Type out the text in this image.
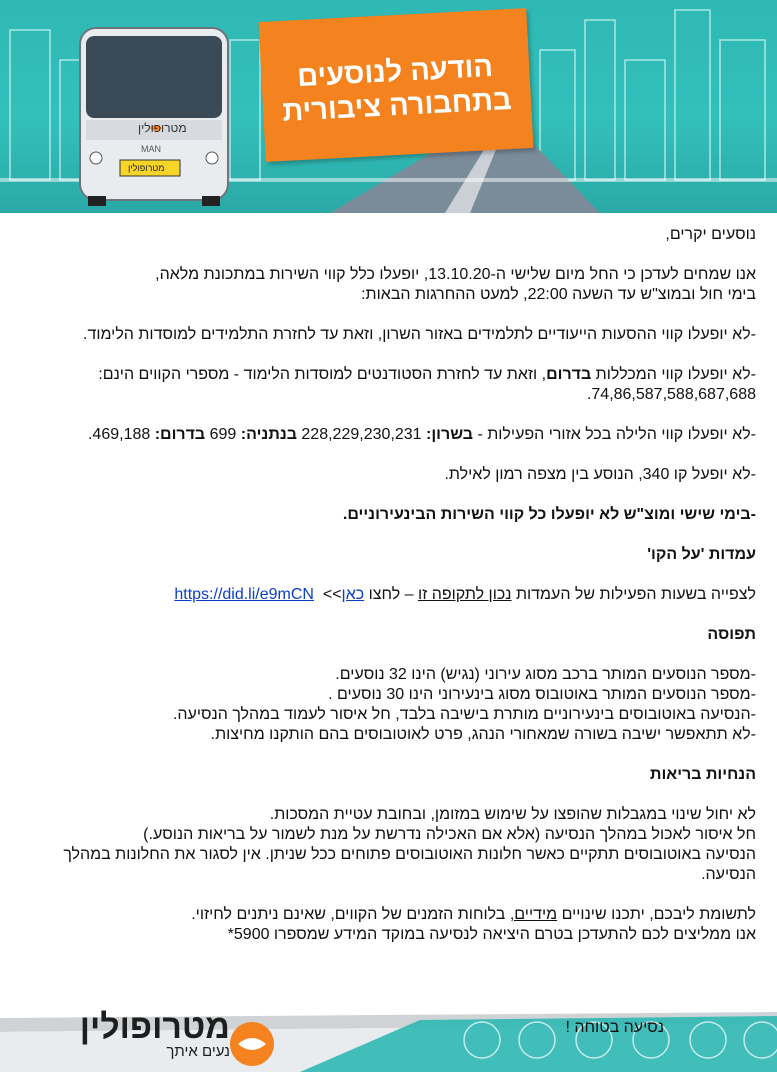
מטרופולין
MAN
מטרופולין
הודעה לנוסעים
בתחבורה ציבורית

נוסעים יקרים,

אנו שמחים לעדכן כי החל מיום שלישי ה-13.10.20, יופעלו כלל קווי השירות במתכונת מלאה,

בימי חול ובמוצ"ש עד השעה 22:00, למעט ההחרגות הבאות:

-לא יופעלו קווי ההסעות הייעודיים לתלמידים באזור השרון, וזאת עד לחזרת התלמידים למוסדות הלימוד.

-לא יופעלו קווי המכללות בדרום, וזאת עד לחזרת הסטודנטים למוסדות הלימוד - מספרי הקווים הינם:

74,86,587,588,687,688.

-לא יופעלו קווי הלילה בכל אזורי הפעילות - בשרון: 228,229,230,231 בנתניה: 699 בדרום: 469,188.

-לא יופעל קו 340, הנוסע בין מצפה רמון לאילת.

-בימי שישי ומוצ"ש לא יופעלו כל קווי השירות הבינעירוניים.

עמדות 'על הקו'

לצפייה בשעות הפעילות של העמדות נכון לתקופה זו – לחצו כאן>>  https://did.li/e9mCN

תפוסה

-מספר הנוסעים המותר ברכב מסוג עירוני (נגיש) הינו 32 נוסעים.

-מספר הנוסעים המותר באוטובוס מסוג בינעירוני הינו 30 נוסעים .

-הנסיעה באוטובוסים בינעירוניים מותרת בישיבה בלבד, חל איסור לעמוד במהלך הנסיעה.

-לא תתאפשר ישיבה בשורה שמאחורי הנהג, פרט לאוטובוסים בהם הותקנו מחיצות.

הנחיות בריאות

לא יחול שינוי במגבלות שהופצו על שימוש במזומן, ובחובת עטיית המסכות.

חל איסור לאכול במהלך הנסיעה (אלא אם האכילה נדרשת על מנת לשמור על בריאות הנוסע.)

הנסיעה באוטובוסים תתקיים כאשר חלונות האוטובוסים פתוחים ככל שניתן. אין לסגור את החלונות במהלך הנסיעה.

לתשומת ליבכם, יתכנו שינויים מידיים, בלוחות הזמנים של הקווים, שאינם ניתנים לחיזוי.

אנו ממליצים לכם להתעדכן בטרם היציאה לנסיעה במוקד המידע שמספרו 5900*

מטרופולין
נעים איתך
נסיעה בטוחה !
